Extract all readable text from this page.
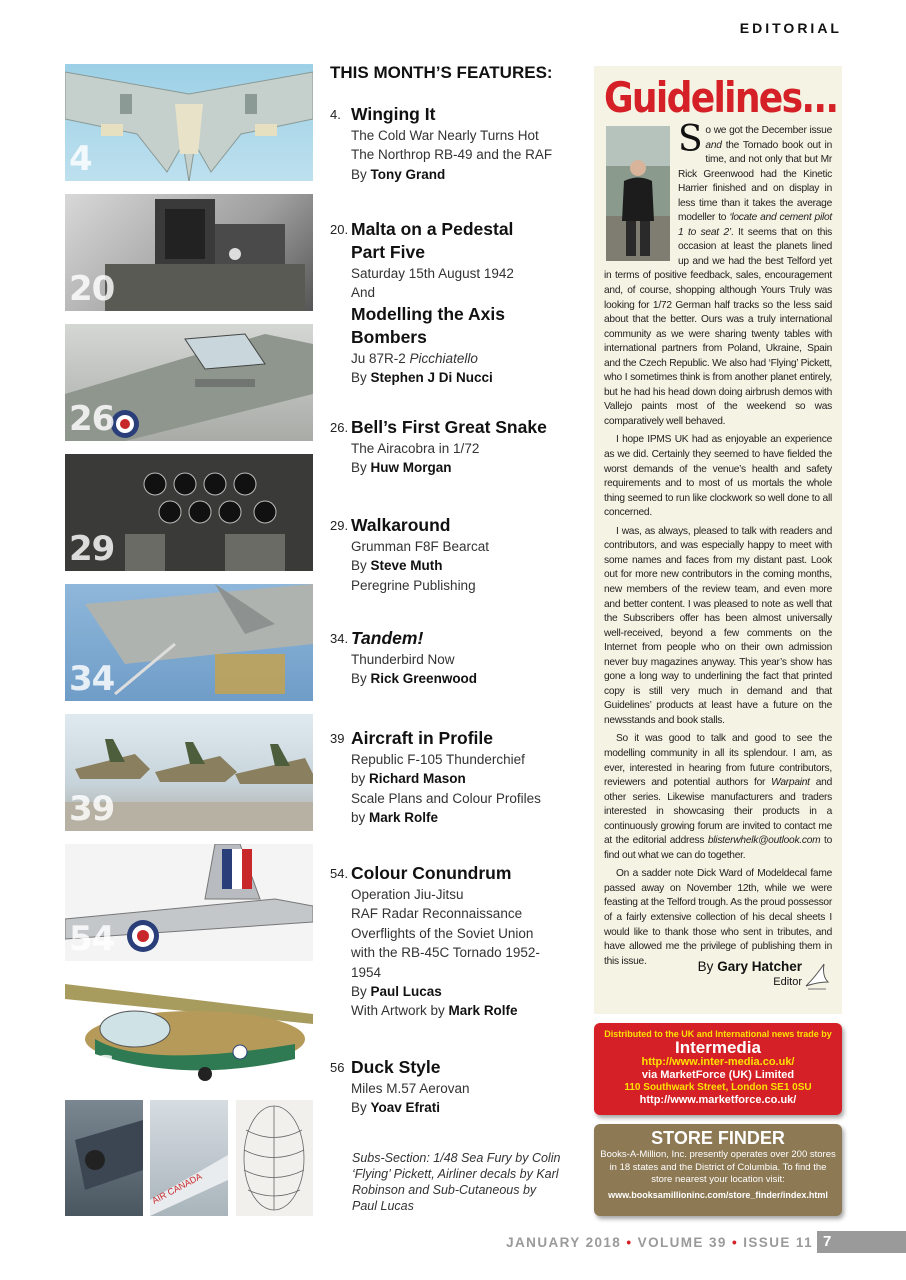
EDITORIAL
4
20
26
29
34
39
54
56
AIR CANADA
THIS MONTH’S FEATURES:
4. Winging It
The Cold War Nearly Turns Hot
The Northrop RB-49 and the RAF
By Tony Grand
20. Malta on a Pedestal
Part Five
Saturday 15th August 1942
And
Modelling the Axis
Bombers
Ju 87R-2 Picchiatello
By Stephen J Di Nucci
26. Bell’s First Great Snake
The Airacobra in 1/72
By Huw Morgan
29. Walkaround
Grumman F8F Bearcat
By Steve Muth
Peregrine Publishing
34. Tandem!
Thunderbird Now
By Rick Greenwood
39 Aircraft in Profile
Republic F-105 Thunderchief
by Richard Mason
Scale Plans and Colour Profiles
by Mark Rolfe
54. Colour Conundrum
Operation Jiu-Jitsu
RAF Radar Reconnaissance
Overflights of the Soviet Union
with the RB-45C Tornado 1952-
1954
By Paul Lucas
With Artwork by Mark Rolfe
56 Duck Style
Miles M.57 Aerovan
By Yoav Efrati
Subs-Section: 1/48 Sea Fury by Colin ‘Flying’ Pickett, Airliner decals by Karl Robinson and Sub-Cutaneous by Paul Lucas
Guidelines...

So we got the December issue and the Tornado book out in time, and not only that but Mr Rick Greenwood had the Kinetic Harrier finished and on display in less time than it takes the average modeller to ‘locate and cement pilot 1 to seat 2’. It seems that on this occasion at least the planets lined up and we had the best Telford yet in terms of positive feedback, sales, encouragement and, of course, shopping although Yours Truly was looking for 1/72 German half tracks so the less said about that the better. Ours was a truly international community as we were sharing twenty tables with international partners from Poland, Ukraine, Spain and the Czech Republic. We also had ‘Flying’ Pickett, who I sometimes think is from another planet entirely, but he had his head down doing airbrush demos with Vallejo paints most of the weekend so was comparatively well behaved.

I hope IPMS UK had as enjoyable an experience as we did. Certainly they seemed to have fielded the worst demands of the venue’s health and safety requirements and to most of us mortals the whole thing seemed to run like clockwork so well done to all concerned.

I was, as always, pleased to talk with readers and contributors, and was especially happy to meet with some names and faces from my distant past. Look out for more new contributors in the coming months, new members of the review team, and even more and better content. I was pleased to note as well that the Subscribers offer has been almost universally well-received, beyond a few comments on the Internet from people who on their own admission never buy magazines anyway. This year’s show has gone a long way to underlining the fact that printed copy is still very much in demand and that Guidelines’ products at least have a future on the newsstands and book stalls.

So it was good to talk and good to see the modelling community in all its splendour. I am, as ever, interested in hearing from future contributors, reviewers and potential authors for Warpaint and other series. Likewise manufacturers and traders interested in showcasing their products in a continuously growing forum are invited to contact me at the editorial address blisterwhelk@outlook.com to find out what we can do together.

On a sadder note Dick Ward of Modeldecal fame passed away on November 12th, while we were feasting at the Telford trough. As the proud possessor of a fairly extensive collection of his decal sheets I would like to thank those who sent in tributes, and have allowed me the privilege of publishing them in this issue.	By Gary Hatcher
Editor
Distributed to the UK and International news trade by
Intermedia
http://www.inter-media.co.uk/
via MarketForce (UK) Limited
110 Southwark Street, London SE1 0SU
http://www.marketforce.co.uk/
STORE FINDER
Books-A-Million, Inc. presently operates over 200 stores in 18 states and the District of Columbia. To find the store nearest your location visit:
www.booksamillioninc.com/store_finder/index.html
JANUARY 2018 • VOLUME 39 • ISSUE 11 7
